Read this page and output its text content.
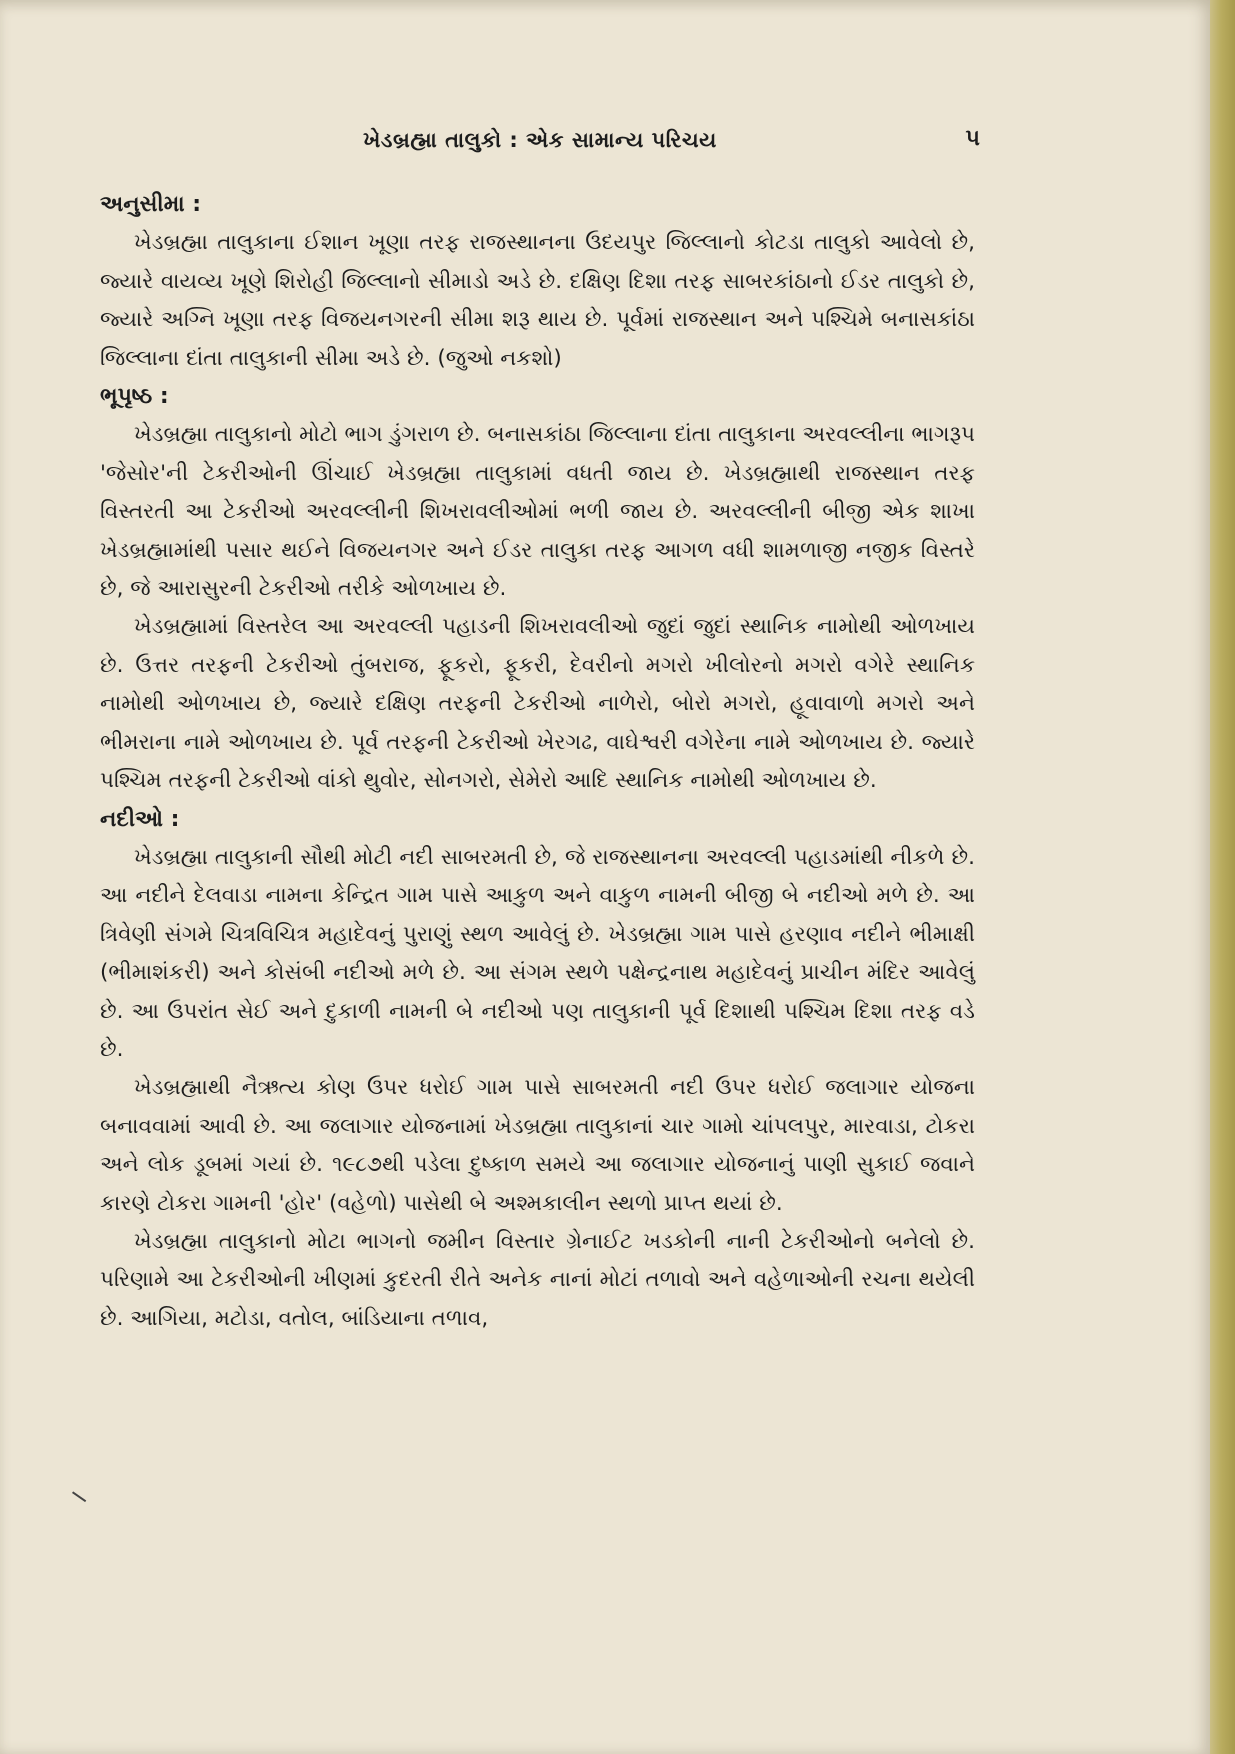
ખેડબ્રહ્મા તાલુકો : એક સામાન્ય પરિચય	૫
અનુસીમા :

ખેડબ્રહ્મા તાલુકાના ઈશાન ખૂણા તરફ રાજસ્થાનના ઉદયપુર જિલ્લાનો કોટડા તાલુકો આવેલો છે, જ્યારે વાયવ્ય ખૂણે શિરોહી જિલ્લાનો સીમાડો અડે છે. દક્ષિણ દિશા તરફ સાબરકાંઠાનો ઈડર તાલુકો છે, જ્યારે અગ્નિ ખૂણા તરફ વિજયનગરની સીમા શરૂ થાય છે. પૂર્વમાં રાજસ્થાન અને પશ્ચિમે બનાસકાંઠા જિલ્લાના દાંતા તાલુકાની સીમા અડે છે. (જુઓ નકશો)

ભૂપૃષ્ઠ :

ખેડબ્રહ્મા તાલુકાનો મોટો ભાગ ડુંગરાળ છે. બનાસકાંઠા જિલ્લાના દાંતા તાલુકાના અરવલ્લીના ભાગરૂપ 'જેસોર'ની ટેકરીઓની ઊંચાઈ ખેડબ્રહ્મા તાલુકામાં વધતી જાય છે. ખેડબ્રહ્માથી રાજસ્થાન તરફ વિસ્તરતી આ ટેકરીઓ અરવલ્લીની શિખરાવલીઓમાં ભળી જાય છે. અરવલ્લીની બીજી એક શાખા ખેડબ્રહ્મામાંથી પસાર થઈને વિજયનગર અને ઈડર તાલુકા તરફ આગળ વધી શામળાજી નજીક વિસ્તરે છે, જે આરાસુરની ટેકરીઓ તરીકે ઓળખાય છે.

ખેડબ્રહ્મામાં વિસ્તરેલ આ અરવલ્લી પહાડની શિખરાવલીઓ જુદાં જુદાં સ્થાનિક નામોથી ઓળખાય છે. ઉત્તર તરફની ટેકરીઓ તુંબરાજ, ફૂકરો, ફૂકરી, દેવરીનો મગરો ખીલોરનો મગરો વગેરે સ્થાનિક નામોથી ઓળખાય છે, જ્યારે દક્ષિણ તરફની ટેકરીઓ નાળેરો, બોરો મગરો, હૂવાવાળો મગરો અને ભીમરાના નામે ઓળખાય છે. પૂર્વ તરફની ટેકરીઓ ખેરગઢ, વાઘેશ્વરી વગેરેના નામે ઓળખાય છે. જ્યારે પશ્ચિમ તરફની ટેકરીઓ વાંકો થુવોર, સોનગરો, સેમેરો આદિ સ્થાનિક નામોથી ઓળખાય છે.

નદીઓ :

ખેડબ્રહ્મા તાલુકાની સૌથી મોટી નદી સાબરમતી છે, જે રાજસ્થાનના અરવલ્લી પહાડમાંથી નીકળે છે. આ નદીને દેલવાડા નામના કેન્દ્રિત ગામ પાસે આકુળ અને વાકુળ નામની બીજી બે નદીઓ મળે છે. આ ત્રિવેણી સંગમે ચિત્રવિચિત્ર મહાદેવનું પુરાણું સ્થળ આવેલું છે. ખેડબ્રહ્મા ગામ પાસે હરણાવ નદીને ભીમાક્ષી (ભીમાશંકરી) અને કોસંબી નદીઓ મળે છે. આ સંગમ સ્થળે પક્ષેન્દ્રનાથ મહાદેવનું પ્રાચીન મંદિર આવેલું છે. આ ઉપરાંત સેઈ અને દુકાળી નામની બે નદીઓ પણ તાલુકાની પૂર્વ દિશાથી પશ્ચિમ દિશા તરફ વડે છે.

ખેડબ્રહ્માથી નૈઋત્ય કોણ ઉપર ધરોઈ ગામ પાસે સાબરમતી નદી ઉપર ધરોઈ જલાગાર યોજના બનાવવામાં આવી છે. આ જલાગાર યોજનામાં ખેડબ્રહ્મા તાલુકાનાં ચાર ગામો ચાંપલપુર, મારવાડા, ટોકરા અને લોક ડૂબમાં ગયાં છે. ૧૯૮૭થી પડેલા દુષ્કાળ સમયે આ જલાગાર યોજનાનું પાણી સુકાઈ જવાને કારણે ટોકરા ગામની 'હોર' (વહેળો) પાસેથી બે અશ્મકાલીન સ્થળો પ્રાપ્ત થયાં છે.

ખેડબ્રહ્મા તાલુકાનો મોટા ભાગનો જમીન વિસ્તાર ગ્રેનાઈટ ખડકોની નાની ટેકરીઓનો બનેલો છે. પરિણામે આ ટેકરીઓની ખીણમાં કુદરતી રીતે અનેક નાનાં મોટાં તળાવો અને વહેળાઓની રચના થયેલી છે. આગિયા, મટોડા, વતોલ, બાંડિયાના તળાવ,
